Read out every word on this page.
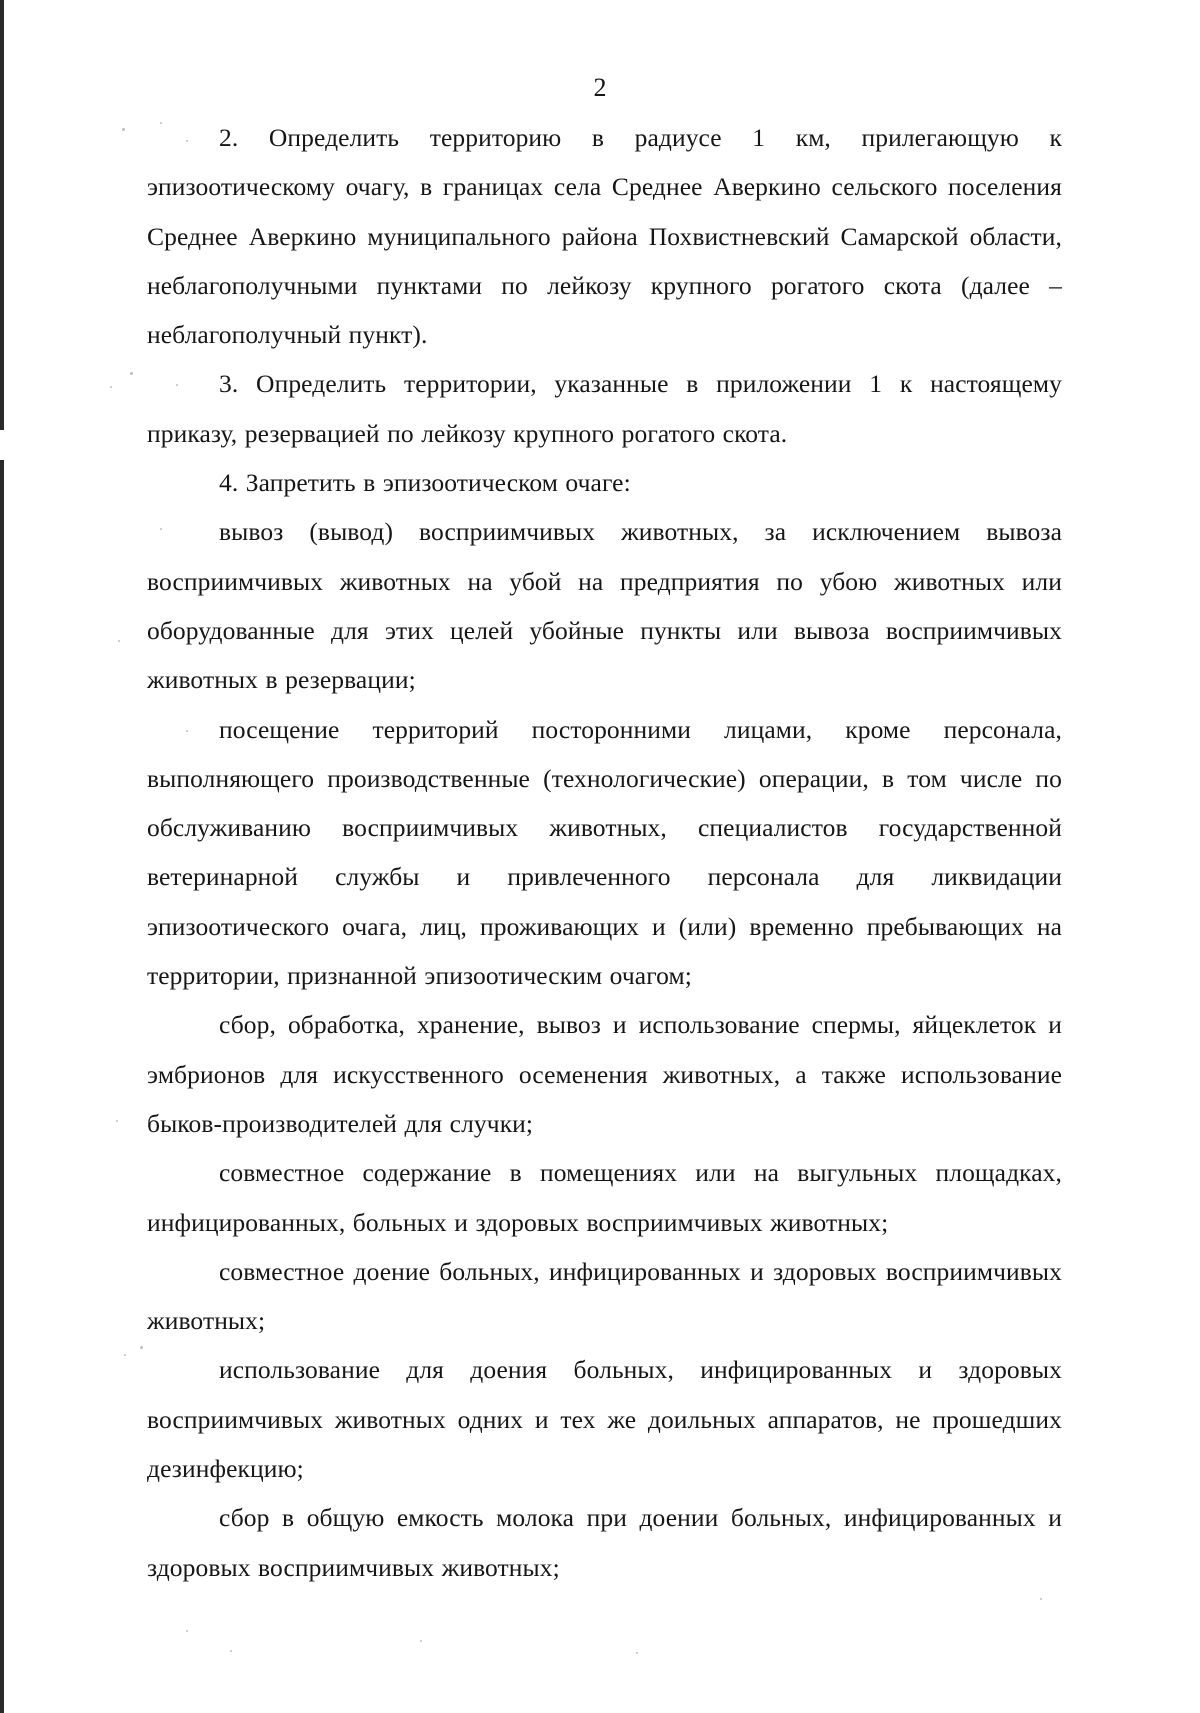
2

2. Определить территорию в радиусе 1 км, прилегающую к эпизоотическому очагу, в границах села Среднее Аверкино сельского поселения Среднее Аверкино муниципального района Похвистневский Самарской области, неблагополучными пунктами по лейкозу крупного рогатого скота (далее – неблагополучный пункт).

3. Определить территории, указанные в приложении 1 к настоящему приказу, резервацией по лейкозу крупного рогатого скота.

4. Запретить в эпизоотическом очаге:

вывоз (вывод) восприимчивых животных, за исключением вывоза восприимчивых животных на убой на предприятия по убою животных или оборудованные для этих целей убойные пункты или вывоза восприимчивых животных в резервации;

посещение территорий посторонними лицами, кроме персонала, выполняющего производственные (технологические) операции, в том числе по обслуживанию восприимчивых животных, специалистов государственной ветеринарной службы и привлеченного персонала для ликвидации эпизоотического очага, лиц, проживающих и (или) временно пребывающих на территории, признанной эпизоотическим очагом;

сбор, обработка, хранение, вывоз и использование спермы, яйцеклеток и эмбрионов для искусственного осеменения животных, а также использование быков-производителей для случки;

совместное содержание в помещениях или на выгульных площадках, инфицированных, больных и здоровых восприимчивых животных;

совместное доение больных, инфицированных и здоровых восприимчивых животных;

использование для доения больных, инфицированных и здоровых восприимчивых животных одних и тех же доильных аппаратов, не прошедших дезинфекцию;

сбор в общую емкость молока при доении больных, инфицированных и здоровых восприимчивых животных;
